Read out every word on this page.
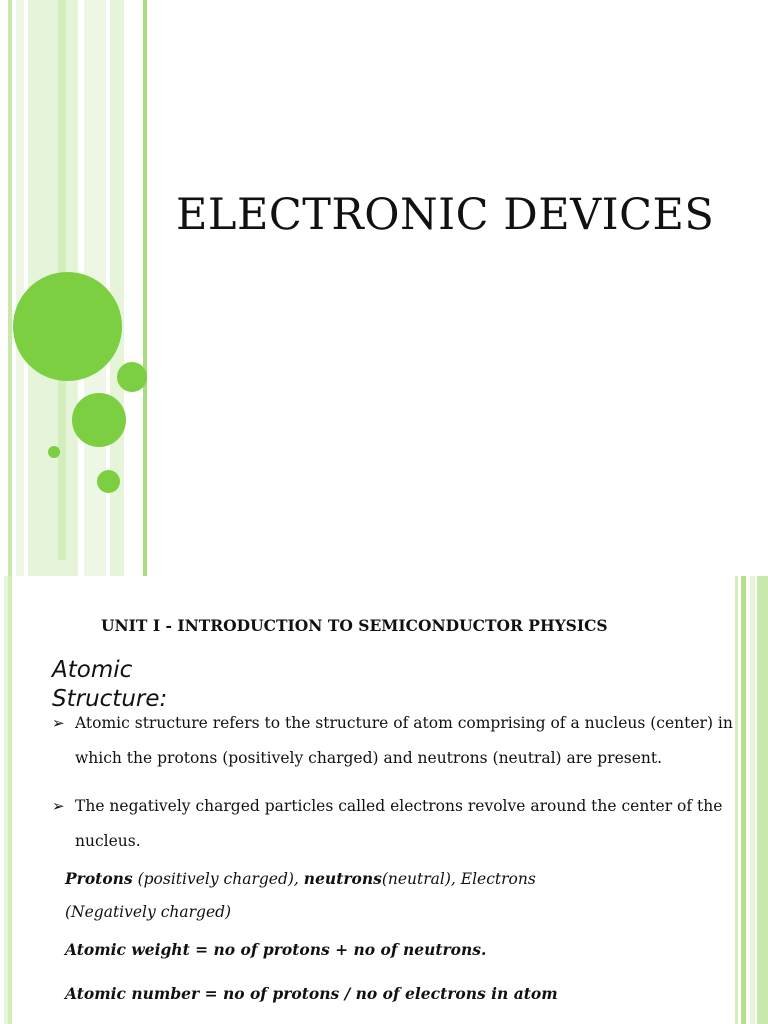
ELECTRONIC DEVICES
UNIT I - INTRODUCTION TO SEMICONDUCTOR PHYSICS
Atomic Structure:
➢ Atomic structure refers to the structure of atom comprising of a nucleus (center) in which the protons (positively charged) and neutrons (neutral) are present.
➢ The negatively charged particles called electrons revolve around the center of the nucleus.
Protons (positively charged), neutrons(neutral), Electrons
(Negatively charged)
Atomic weight = no of protons + no of neutrons.
Atomic number = no of protons / no of electrons in atom
